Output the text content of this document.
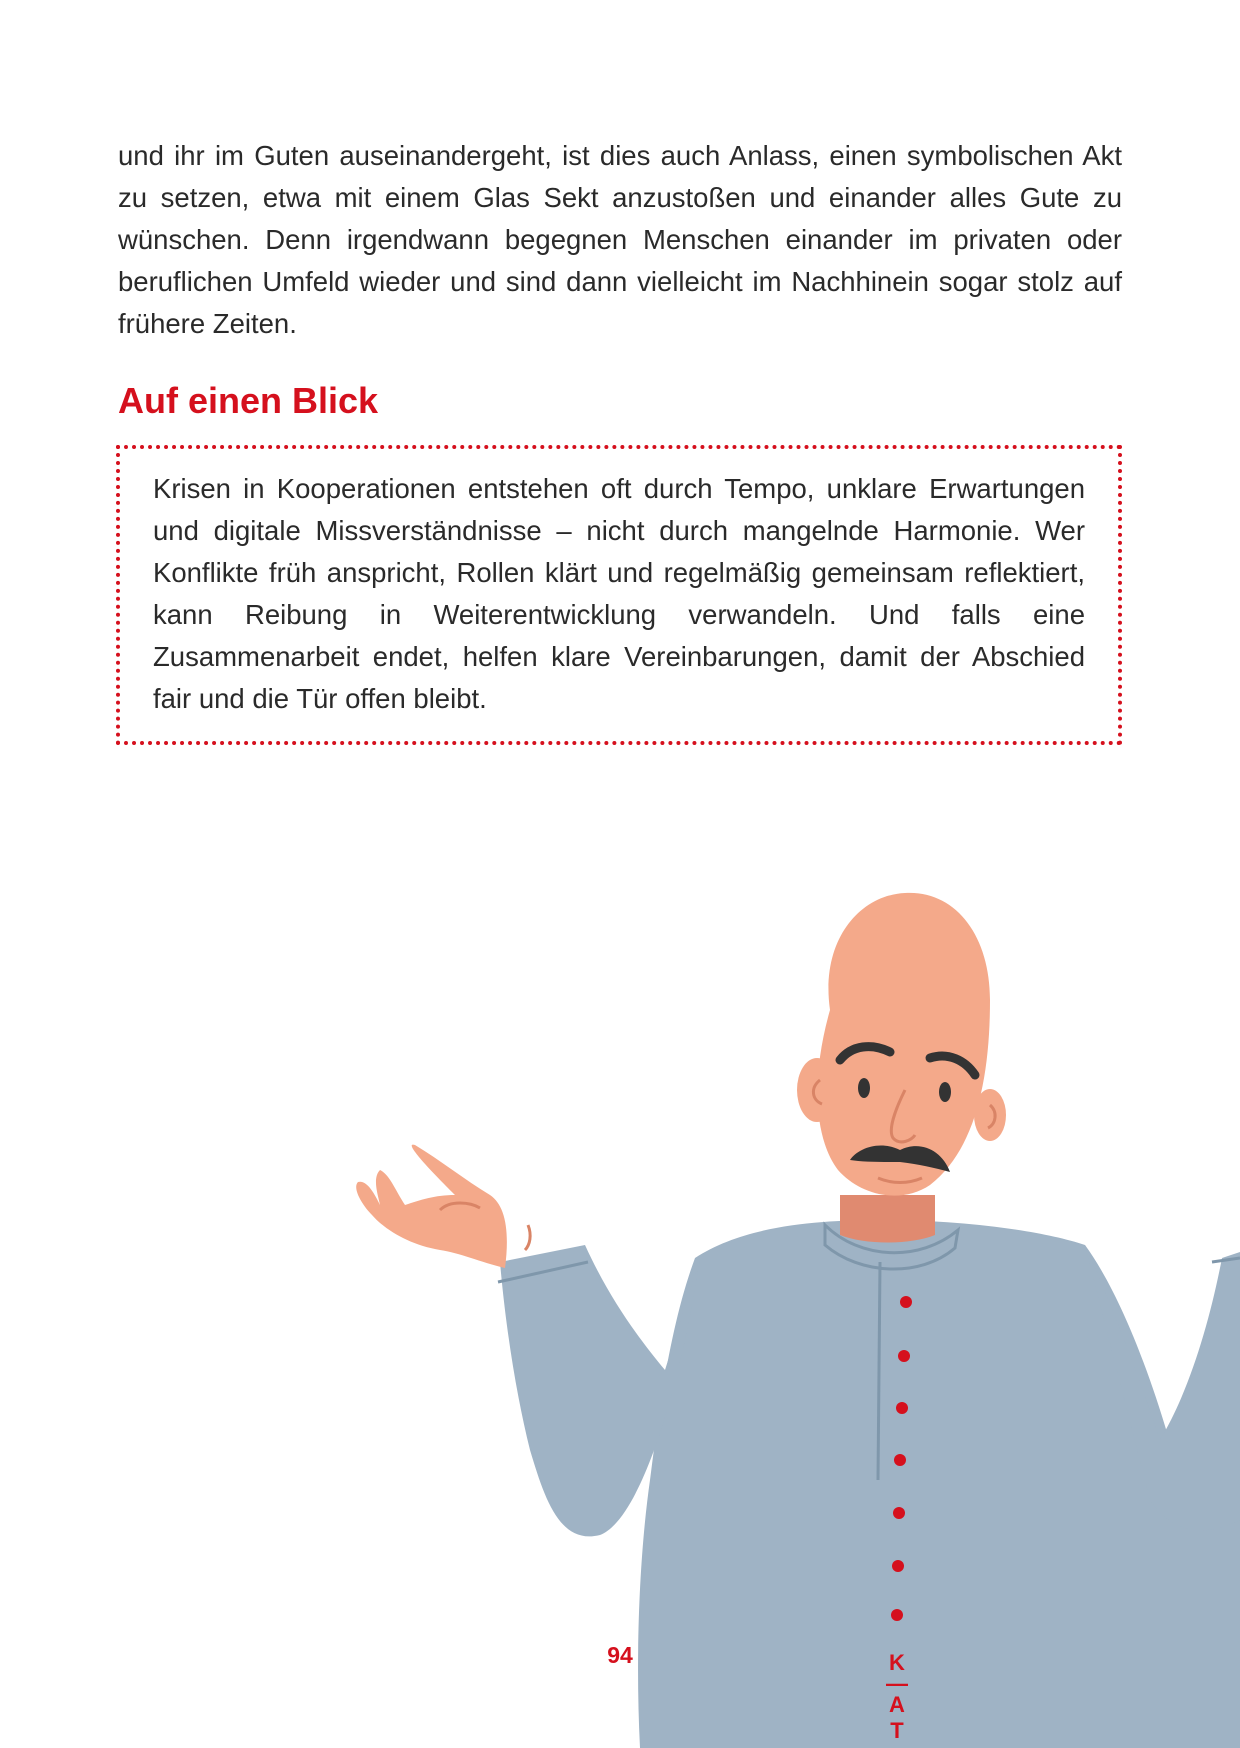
und ihr im Guten auseinandergeht, ist dies auch Anlass, einen symbolischen Akt zu setzen, etwa mit einem Glas Sekt anzustoßen und einander alles Gute zu wünschen. Denn irgendwann begegnen Menschen einander im privaten oder beruflichen Umfeld wieder und sind dann vielleicht im Nachhinein sogar stolz auf frühere Zeiten.

Auf einen Blick

Krisen in Kooperationen entstehen oft durch Tempo, unklare Erwartungen und digitale Missverständnisse – nicht durch mangelnde Harmonie. Wer Konflikte früh anspricht, Rollen klärt und regelmäßig gemeinsam reflektiert, kann Reibung in Weiterentwicklung verwandeln. Und falls eine Zusammenarbeit endet, helfen klare Vereinbarungen, damit der Abschied fair und die Tür offen bleibt.

K
—
A
T
94
